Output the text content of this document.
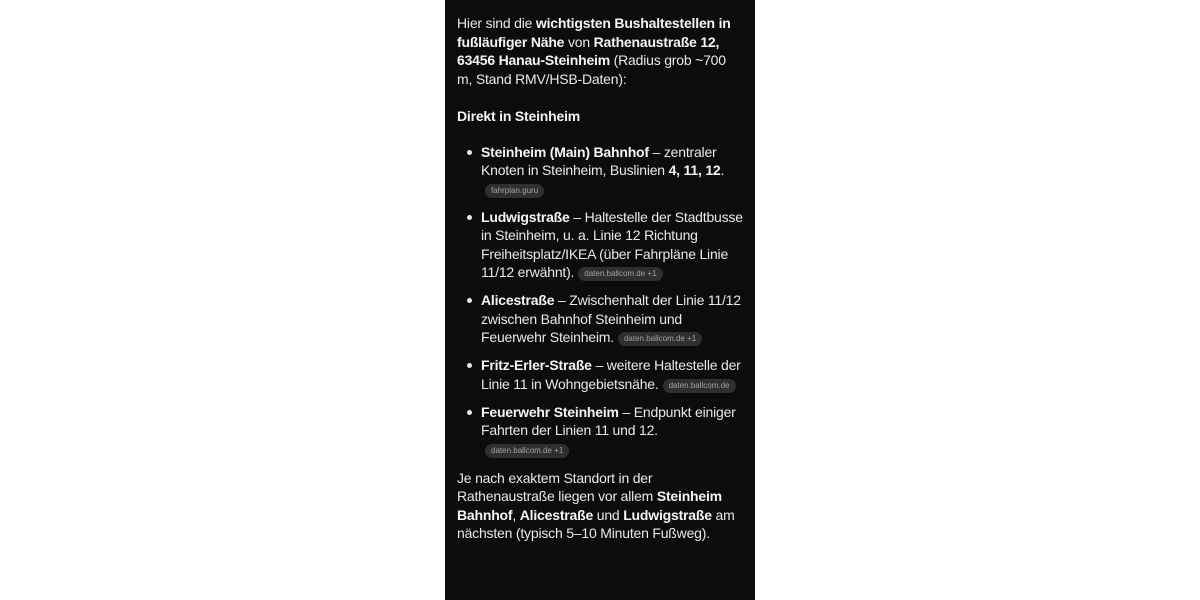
Hier sind die wichtigsten Bushaltestellen in fußläufiger Nähe von Rathenaustraße 12, 63456 Hanau-Steinheim (Radius grob ~700 m, Stand RMV/HSB-Daten):
Direkt in Steinheim
Steinheim (Main) Bahnhof – zentraler Knoten in Steinheim, Buslinien 4, 11, 12.fahrplan.guru
Ludwigstraße – Haltestelle der Stadtbusse in Steinheim, u. a. Linie 12 Richtung Freiheitsplatz/IKEA (über Fahrpläne Linie 11/12 erwähnt). daten.ballcom.de +1
Alicestraße – Zwischenhalt der Linie 11/12 zwischen Bahnhof Steinheim und Feuerwehr Steinheim. daten.ballcom.de +1
Fritz-Erler-Straße – weitere Haltestelle der Linie 11 in Wohngebietsnähe. daten.ballcom.de
Feuerwehr Steinheim – Endpunkt einiger Fahrten der Linien 11 und 12.daten.ballcom.de +1
Je nach exaktem Standort in der Rathenaustraße liegen vor allem Steinheim Bahnhof, Alicestraße und Ludwigstraße am nächsten (typisch 5–10 Minuten Fußweg).
